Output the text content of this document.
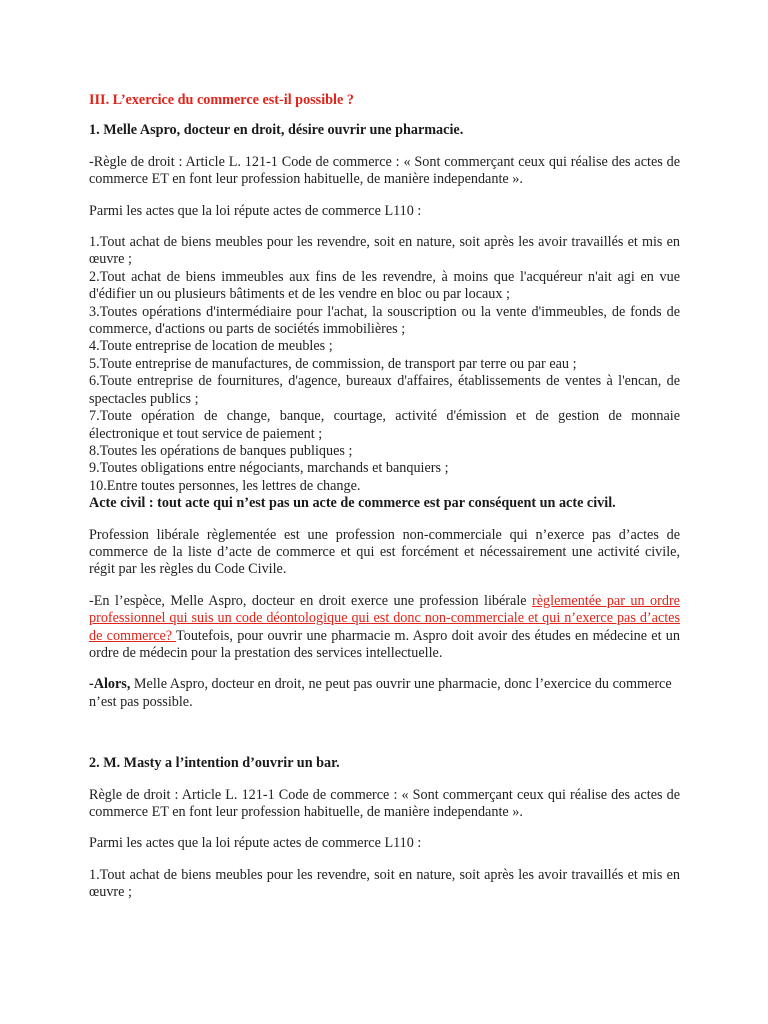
III. L’exercice du commerce est-il possible ?

1. Melle Aspro, docteur en droit, désire ouvrir une pharmacie.

-Règle de droit : Article L. 121-1 Code de commerce : « Sont commerçant ceux qui réalise des actes de commerce ET en font leur profession habituelle, de manière independante ».

Parmi les actes que la loi répute actes de commerce L110 :

1.Tout achat de biens meubles pour les revendre, soit en nature, soit après les avoir travaillés et mis en œuvre ;

2.Tout achat de biens immeubles aux fins de les revendre, à moins que l'acquéreur n'ait agi en vue d'édifier un ou plusieurs bâtiments et de les vendre en bloc ou par locaux ;

3.Toutes opérations d'intermédiaire pour l'achat, la souscription ou la vente d'immeubles, de fonds de commerce, d'actions ou parts de sociétés immobilières ;

4.Toute entreprise de location de meubles ;

5.Toute entreprise de manufactures, de commission, de transport par terre ou par eau ;

6.Toute entreprise de fournitures, d'agence, bureaux d'affaires, établissements de ventes à l'encan, de spectacles publics ;

7.Toute opération de change, banque, courtage, activité d'émission et de gestion de monnaie électronique et tout service de paiement ;

8.Toutes les opérations de banques publiques ;

9.Toutes obligations entre négociants, marchands et banquiers ;

10.Entre toutes personnes, les lettres de change.

Acte civil : tout acte qui n’est pas un acte de commerce est par conséquent un acte civil.

Profession libérale règlementée est une profession non-commerciale qui n’exerce pas d’actes de commerce de la liste d’acte de commerce et qui est forcément et nécessairement une activité civile, régit par les règles du Code Civile.

-En l’espèce, Melle Aspro, docteur en droit exerce une profession libérale règlementée par un ordre professionnel qui suis un code déontologique qui est donc non-commerciale et qui n’exerce pas d’actes de commerce? Toutefois, pour ouvrir une pharmacie m. Aspro doit avoir des études en médecine et un ordre de médecin pour la prestation des services intellectuelle.

-Alors, Melle Aspro, docteur en droit, ne peut pas ouvrir une pharmacie, donc l’exercice du commerce n’est pas possible.

2. M. Masty a l’intention d’ouvrir un bar.

Règle de droit : Article L. 121-1 Code de commerce : « Sont commerçant ceux qui réalise des actes de commerce ET en font leur profession habituelle, de manière independante ».

Parmi les actes que la loi répute actes de commerce L110 :

1.Tout achat de biens meubles pour les revendre, soit en nature, soit après les avoir travaillés et mis en œuvre ;
